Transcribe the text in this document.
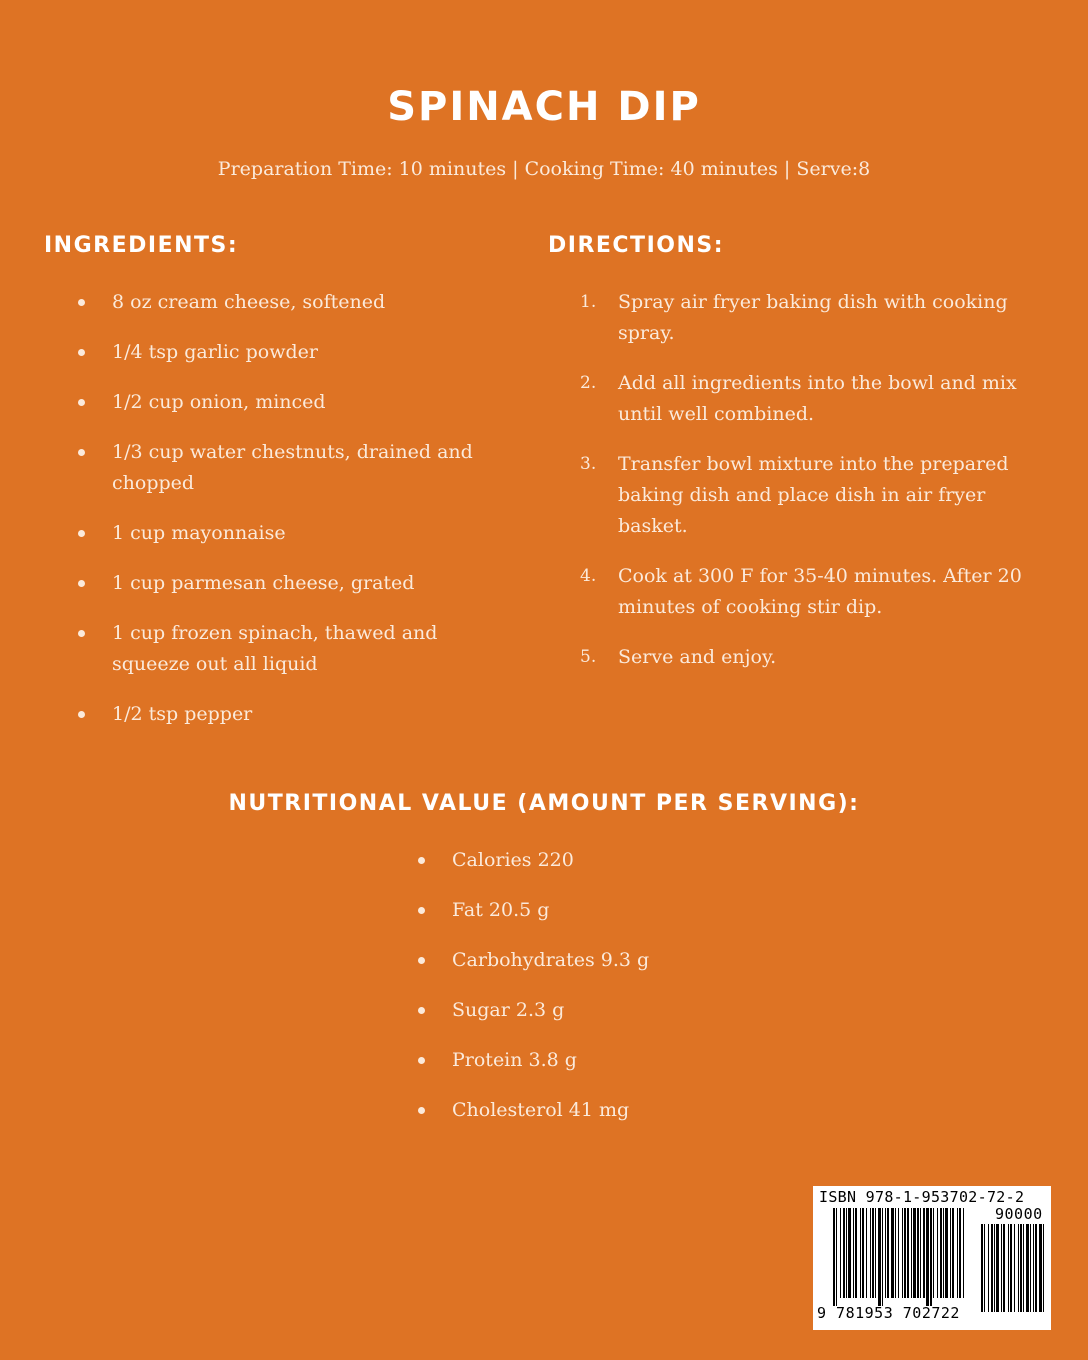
SPINACH DIP
Preparation Time: 10 minutes | Cooking Time: 40 minutes | Serve:8
INGREDIENTS:
8 oz cream cheese, softened
1/4 tsp garlic powder
1/2 cup onion, minced
1/3 cup water chestnuts, drained and chopped
1 cup mayonnaise
1 cup parmesan cheese, grated
1 cup frozen spinach, thawed and squeeze out all liquid
1/2 tsp pepper
DIRECTIONS:
1.	Spray air fryer baking dish with cooking spray.
2.	Add all ingredients into the bowl and mix until well combined.
3.	Transfer bowl mixture into the prepared baking dish and place dish in air fryer basket.
4.	Cook at 300 F for 35-40 minutes. After 20 minutes of cooking stir dip.
5.	Serve and enjoy.
NUTRITIONAL VALUE (AMOUNT PER SERVING):
Calories 220
Fat 20.5 g
Carbohydrates 9.3 g
Sugar 2.3 g
Protein 3.8 g
Cholesterol 41 mg
ISBN 978-1-953702-72-2
90000
9 781953 702722
